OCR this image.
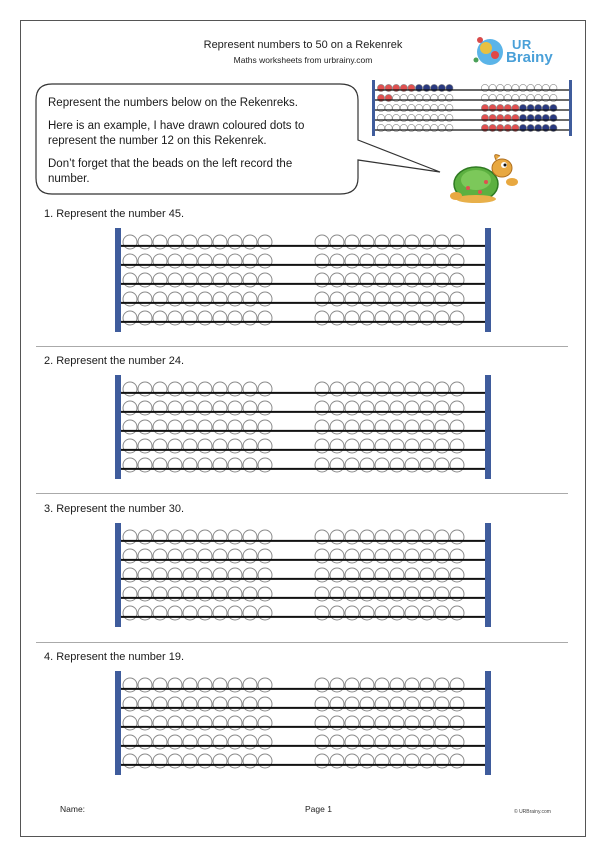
Represent numbers to 50 on a Rekenrek
Maths worksheets from urbrainy.com
UR
Brainy
Represent the numbers below on the Rekenreks.
Here is an example, I have drawn coloured dots to
represent the number 12 on this Rekenrek.
Don’t forget that the beads on the left record the
number.
1. Represent the number 45.
2. Represent the number 24.
3. Represent the number 30.
4. Represent the number 19.
Name:	Page 1	© URBrainy.com
